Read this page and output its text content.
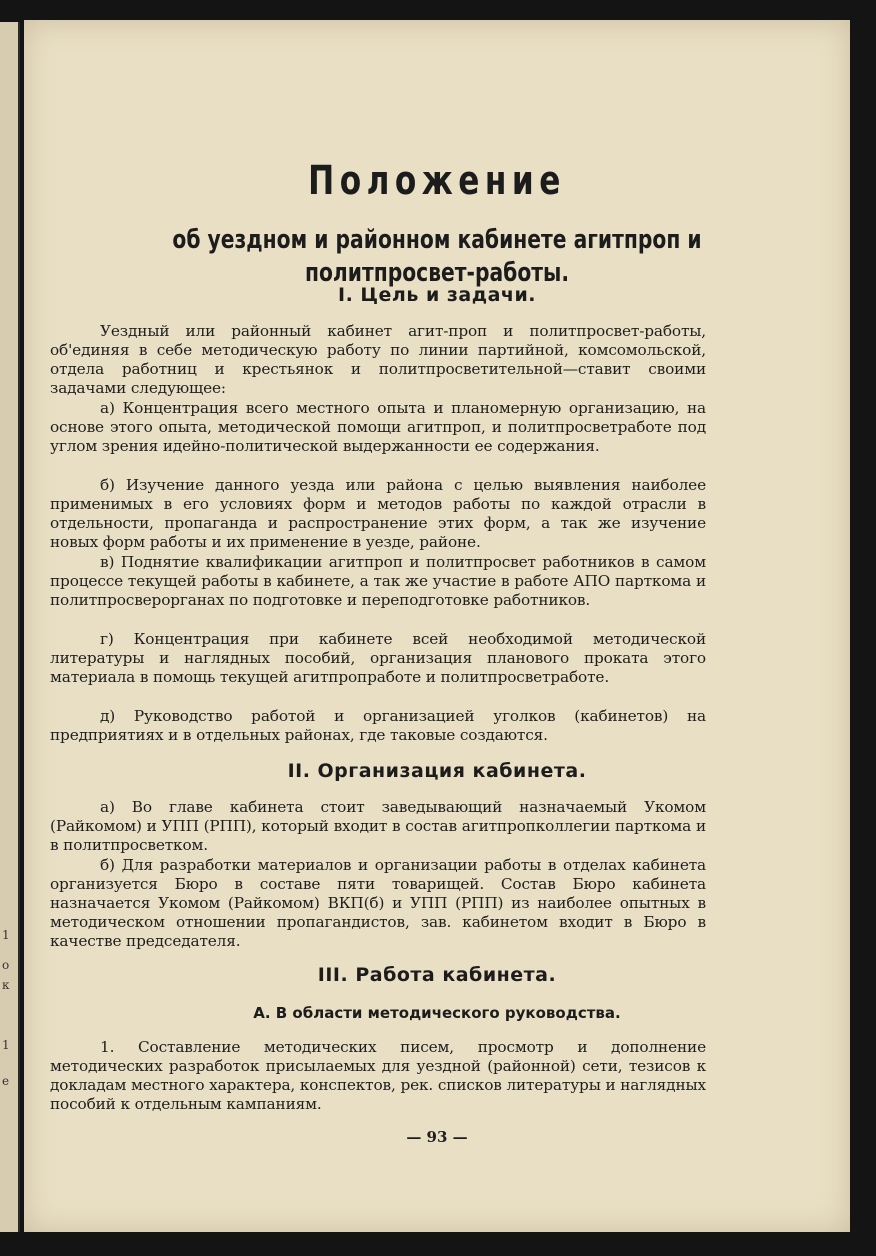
1
о
к
1
е
Положение
об уездном и районном кабинете агитпроп и политпросвет-работы.
I. Цель и задачи.

Уездный или районный кабинет агит-проп и политпросвет-работы, об'единяя в себе методическую работу по линии партийной, комсомольской, отдела работниц и крестьянок и политпросветительной—ставит своими задачами следующее:

а) Концентрация всего местного опыта и планомерную организацию, на основе этого опыта, методической помощи агитпроп, и политпросветработе под углом зрения идейно-политической выдержанности ее содержания.

б) Изучение данного уезда или района с целью выявления наиболее применимых в его условиях форм и методов работы по каждой отрасли в отдельности, пропаганда и распространение этих форм, а так же изучение новых форм работы и их применение в уезде, районе.

в) Поднятие квалификации агитпроп и политпросвет работников в самом процессе текущей работы в кабинете, а так же участие в работе АПО парткома и политпросверорганах по подготовке и переподготовке работников.

г) Концентрация при кабинете всей необходимой методической литературы и наглядных пособий, организация планового проката этого материала в помощь текущей агитпропработе и политпросветработе.

д) Руководство работой и организацией уголков (кабинетов) на предприятиях и в отдельных районах, где таковые создаются.

II. Организация кабинета.

а) Во главе кабинета стоит заведывающий назначаемый Укомом (Райкомом) и УПП (РПП), который входит в состав агитпропколлегии парткома и в политпросветком.

б) Для разработки материалов и организации работы в отделах кабинета организуется Бюро в составе пяти товарищей. Состав Бюро кабинета назначается Укомом (Райкомом) ВКП(б) и УПП (РПП) из наиболее опытных в методическом отношении пропагандистов, зав. кабинетом входит в Бюро в качестве председателя.

III. Работа кабинета.
А. В области методического руководства.

1. Составление методических писем, просмотр и дополнение методических разработок присылаемых для уездной (районной) сети, тезисов к докладам местного характера, конспектов, рек. списков литературы и наглядных пособий к отдельным кампаниям.

— 93 —
